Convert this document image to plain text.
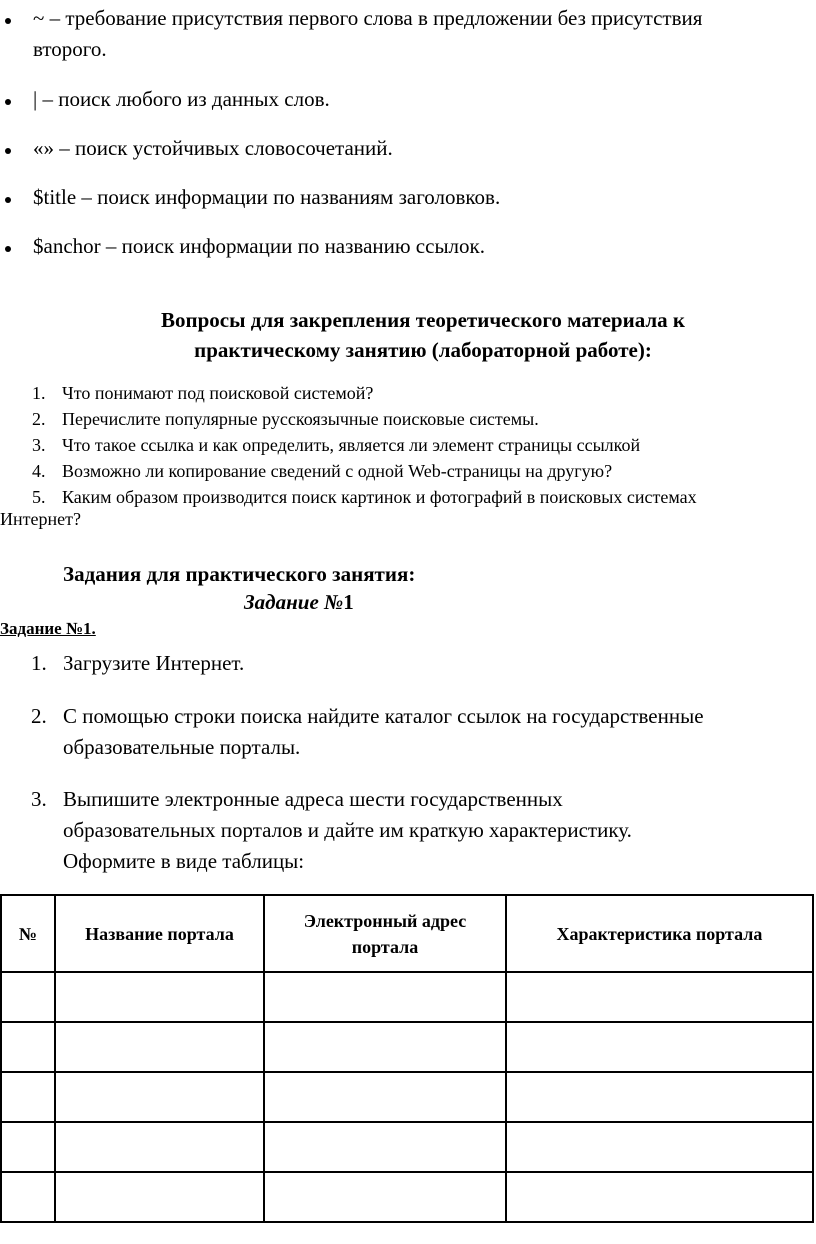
~ – требование присутствия первого слова в предложении без присутствия
второго.
| – поиск любого из данных слов.
«» – поиск устойчивых словосочетаний.
$title – поиск информации по названиям заголовков.
$anchor – поиск информации по названию ссылок.
Вопросы для закрепления теоретического материала к
практическому занятию (лабораторной работе):
1. Что понимают под поисковой системой?
2. Перечислите популярные русскоязычные поисковые системы.
3. Что такое ссылка и как определить, является ли элемент страницы ссылкой
4. Возможно ли копирование сведений с одной Web-страницы на другую?
5. Каким образом производится поиск картинок и фотографий в поисковых системах
Интернет?
Задания для практического занятия:
Задание №1
Задание №1.
1. Загрузите Интернет.
2. С помощью строки поиска найдите каталог ссылок на государственные
образовательные порталы.
3. Выпишите электронные адреса шести государственных
образовательных порталов и дайте им краткую характеристику.
Оформите в виде таблицы:
№	Название портала	Электронный адрес портала	Характеристика портала
